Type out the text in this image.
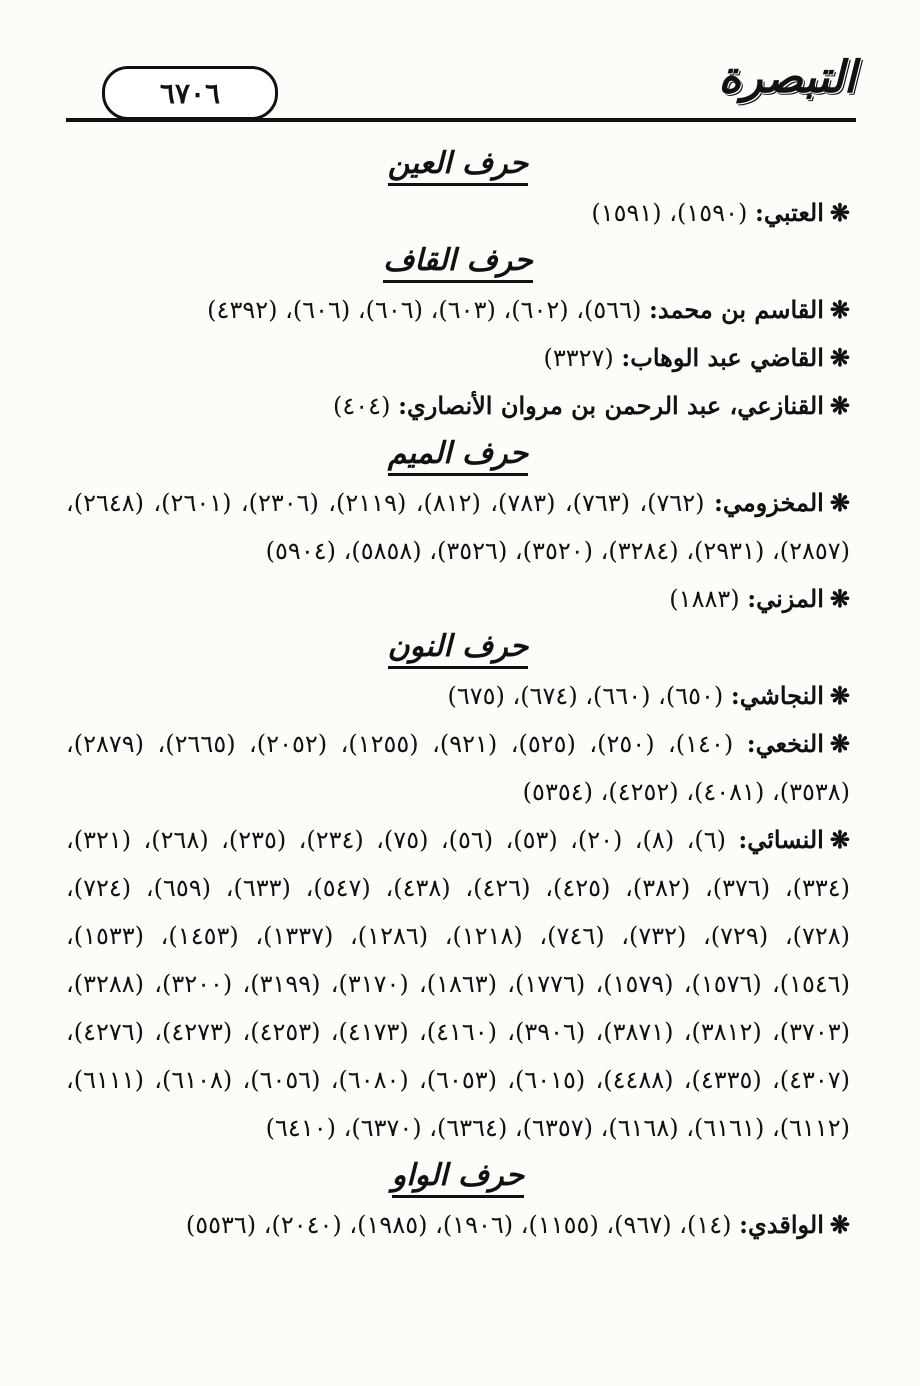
التبصرة
٦٧٠٦
حرف العين

❋العتبي: (١٥٩٠)، (١٥٩١)

حرف القاف

❋القاسم بن محمد: (٥٦٦)، (٦٠٢)، (٦٠٣)، (٦٠٦)، (٦٠٦)، (٤٣٩٢)

❋القاضي عبد الوهاب: (٣٣٢٧)

❋القنازعي، عبد الرحمن بن مروان الأنصاري: (٤٠٤)

حرف الميم

❋المخزومي: (٧٦٢)، (٧٦٣)، (٧٨٣)، (٨١٢)، (٢١١٩)، (٢٣٠٦)، (٢٦٠١)، (٢٦٤٨)، (٢٨٥٧)، (٢٩٣١)، (٣٢٨٤)، (٣٥٢٠)، (٣٥٢٦)، (٥٨٥٨)، (٥٩٠٤)

❋المزني: (١٨٨٣)

حرف النون

❋النجاشي: (٦٥٠)، (٦٦٠)، (٦٧٤)، (٦٧٥)

❋النخعي: (١٤٠)، (٢٥٠)، (٥٢٥)، (٩٢١)، (١٢٥٥)، (٢٠٥٢)، (٢٦٦٥)، (٢٨٧٩)، (٣٥٣٨)، (٤٠٨١)، (٤٢٥٢)، (٥٣٥٤)

❋النسائي: (٦)، (٨)، (٢٠)، (٥٣)، (٥٦)، (٧٥)، (٢٣٤)، (٢٣٥)، (٢٦٨)، (٣٢١)، (٣٣٤)، (٣٧٦)، (٣٨٢)، (٤٢٥)، (٤٢٦)، (٤٣٨)، (٥٤٧)، (٦٣٣)، (٦٥٩)، (٧٢٤)، (٧٢٨)، (٧٢٩)، (٧٣٢)، (٧٤٦)، (١٢١٨)، (١٢٨٦)، (١٣٣٧)، (١٤٥٣)، (١٥٣٣)، (١٥٤٦)، (١٥٧٦)، (١٥٧٩)، (١٧٧٦)، (١٨٦٣)، (٣١٧٠)، (٣١٩٩)، (٣٢٠٠)، (٣٢٨٨)، (٣٧٠٣)، (٣٨١٢)، (٣٨٧١)، (٣٩٠٦)، (٤١٦٠)، (٤١٧٣)، (٤٢٥٣)، (٤٢٧٣)، (٤٢٧٦)، (٤٣٠٧)، (٤٣٣٥)، (٤٤٨٨)، (٦٠١٥)، (٦٠٥٣)، (٦٠٨٠)، (٦٠٥٦)، (٦١٠٨)، (٦١١١)، (٦١١٢)، (٦١٦١)، (٦١٦٨)، (٦٣٥٧)، (٦٣٦٤)، (٦٣٧٠)، (٦٤١٠)

حرف الواو

❋الواقدي: (١٤)، (٩٦٧)، (١١٥٥)، (١٩٠٦)، (١٩٨٥)، (٢٠٤٠)، (٥٥٣٦)
